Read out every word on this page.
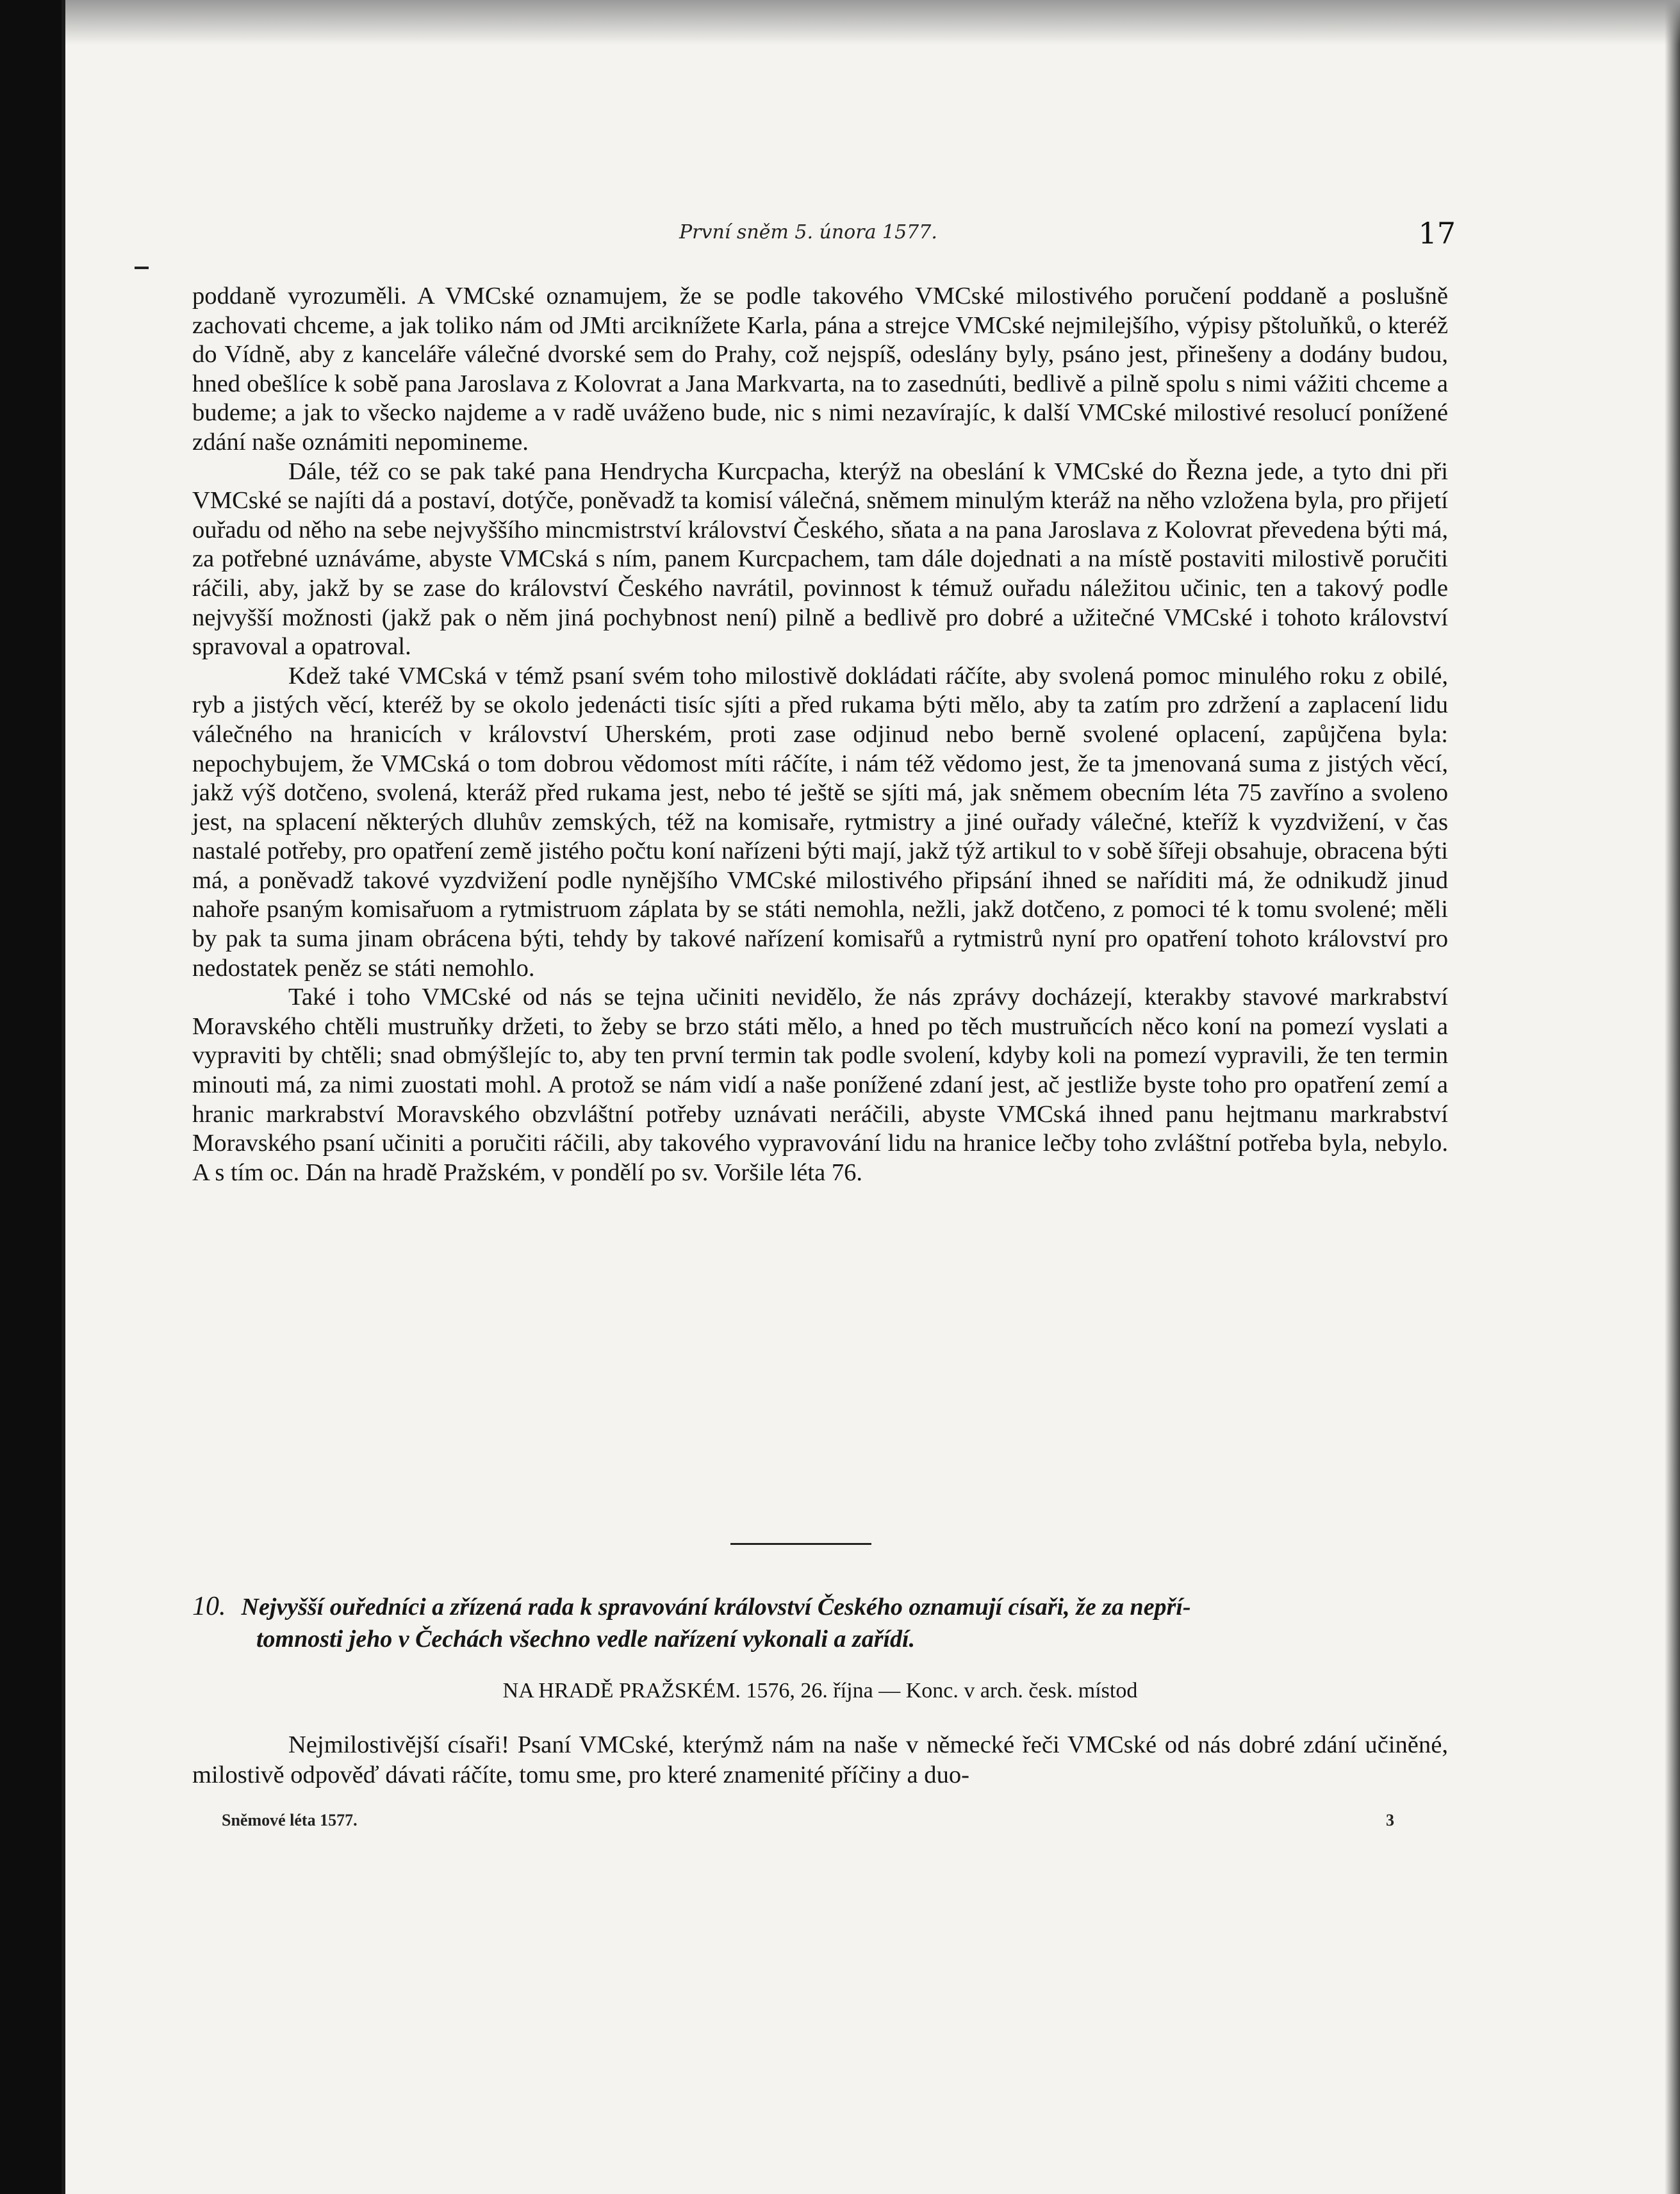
První sněm 5. února 1577.	17

poddaně vyrozuměli. A VMCské oznamujem, že se podle takového VMCské milostivého poručení poddaně a poslušně zachovati chceme, a jak toliko nám od JMti arciknížete Karla, pána a strejce VMCské nejmilejšího, výpisy pštoluňků, o kteréž do Vídně, aby z kanceláře válečné dvorské sem do Prahy, což nejspíš, odeslány byly, psáno jest, přinešeny a dodány budou, hned obešlíce k sobě pana Jaroslava z Kolovrat a Jana Markvarta, na to zasednúti, bedlivě a pilně spolu s nimi vážiti chceme a budeme; a jak to všecko najdeme a v radě uváženo bude, nic s nimi nezavírajíc, k další VMCské milostivé resolucí ponížené zdání naše oznámiti nepomineme.

Dále, též co se pak také pana Hendrycha Kurcpacha, kterýž na obeslání k VMCské do Řezna jede, a tyto dni při VMCské se najíti dá a postaví, dotýče, poněvadž ta komisí válečná, sněmem minulým kteráž na něho vzložena byla, pro přijetí ouřadu od něho na sebe nejvyššího mincmistrství království Českého, sňata a na pana Jaroslava z Kolovrat převedena býti má, za potřebné uznáváme, abyste VMCská s ním, panem Kurcpachem, tam dále dojednati a na místě postaviti milostivě poručiti ráčili, aby, jakž by se zase do království Českého navrátil, povinnost k témuž ouřadu náležitou učinic, ten a takový podle nejvyšší možnosti (jakž pak o něm jiná pochybnost není) pilně a bedlivě pro dobré a užitečné VMCské i tohoto království spravoval a opatroval.

Kdež také VMCská v témž psaní svém toho milostivě dokládati ráčíte, aby svolená pomoc minulého roku z obilé, ryb a jistých věcí, kteréž by se okolo jedenácti tisíc sjíti a před rukama býti mělo, aby ta zatím pro zdržení a zaplacení lidu válečného na hranicích v království Uherském, proti zase odjinud nebo berně svolené oplacení, zapůjčena byla: nepochybujem, že VMCská o tom dobrou vědomost míti ráčíte, i nám též vědomo jest, že ta jmenovaná suma z jistých věcí, jakž výš dotčeno, svolená, kteráž před rukama jest, nebo té ještě se sjíti má, jak sněmem obecním léta 75 zavříno a svoleno jest, na splacení některých dluhův zemských, též na komisaře, rytmistry a jiné ouřady válečné, kteříž k vyzdvižení, v čas nastalé potřeby, pro opatření země jistého počtu koní nařízeni býti mají, jakž týž artikul to v sobě šířeji obsahuje, obracena býti má, a poněvadž takové vyzdvižení podle nynějšího VMCské milostivého připsání ihned se naříditi má, že odnikudž jinud nahoře psaným komisařuom a rytmistruom záplata by se státi nemohla, nežli, jakž dotčeno, z pomoci té k tomu svolené; měli by pak ta suma jinam obrácena býti, tehdy by takové nařízení komisařů a rytmistrů nyní pro opatření tohoto království pro nedostatek peněz se státi nemohlo.

Také i toho VMCské od nás se tejna učiniti nevidělo, že nás zprávy docházejí, kterakby stavové markrabství Moravského chtěli mustruňky držeti, to žeby se brzo státi mělo, a hned po těch mustruňcích něco koní na pomezí vyslati a vypraviti by chtěli; snad obmýšlejíc to, aby ten první termin tak podle svolení, kdyby koli na pomezí vypravili, že ten termin minouti má, za nimi zuostati mohl. A protož se nám vidí a naše ponížené zdaní jest, ač jestliže byste toho pro opatření zemí a hranic markrabství Moravského obzvláštní potřeby uznávati neráčili, abyste VMCská ihned panu hejtmanu markrabství Moravského psaní učiniti a poručiti ráčili, aby takového vypravování lidu na hranice lečby toho zvláštní potřeba byla, nebylo. A s tím oc. Dán na hradě Pražském, v pondělí po sv. Voršile léta 76.

10. Nejvyšší ouředníci a zřízená rada k spravování království Českého oznamují císaři, že za nepří-
tomnosti jeho v Čechách všechno vedle nařízení vykonali a zařídí.

NA HRADĚ PRAŽSKÉM. 1576, 26. října — Konc. v arch. česk. místod

Nejmilostivější císaři! Psaní VMCské, kterýmž nám na naše v německé řeči VMCské od nás dobré zdání učiněné, milostivě odpověď dávati ráčíte, tomu sme, pro které znamenité příčiny a duo-

Sněmové léta 1577.	3
